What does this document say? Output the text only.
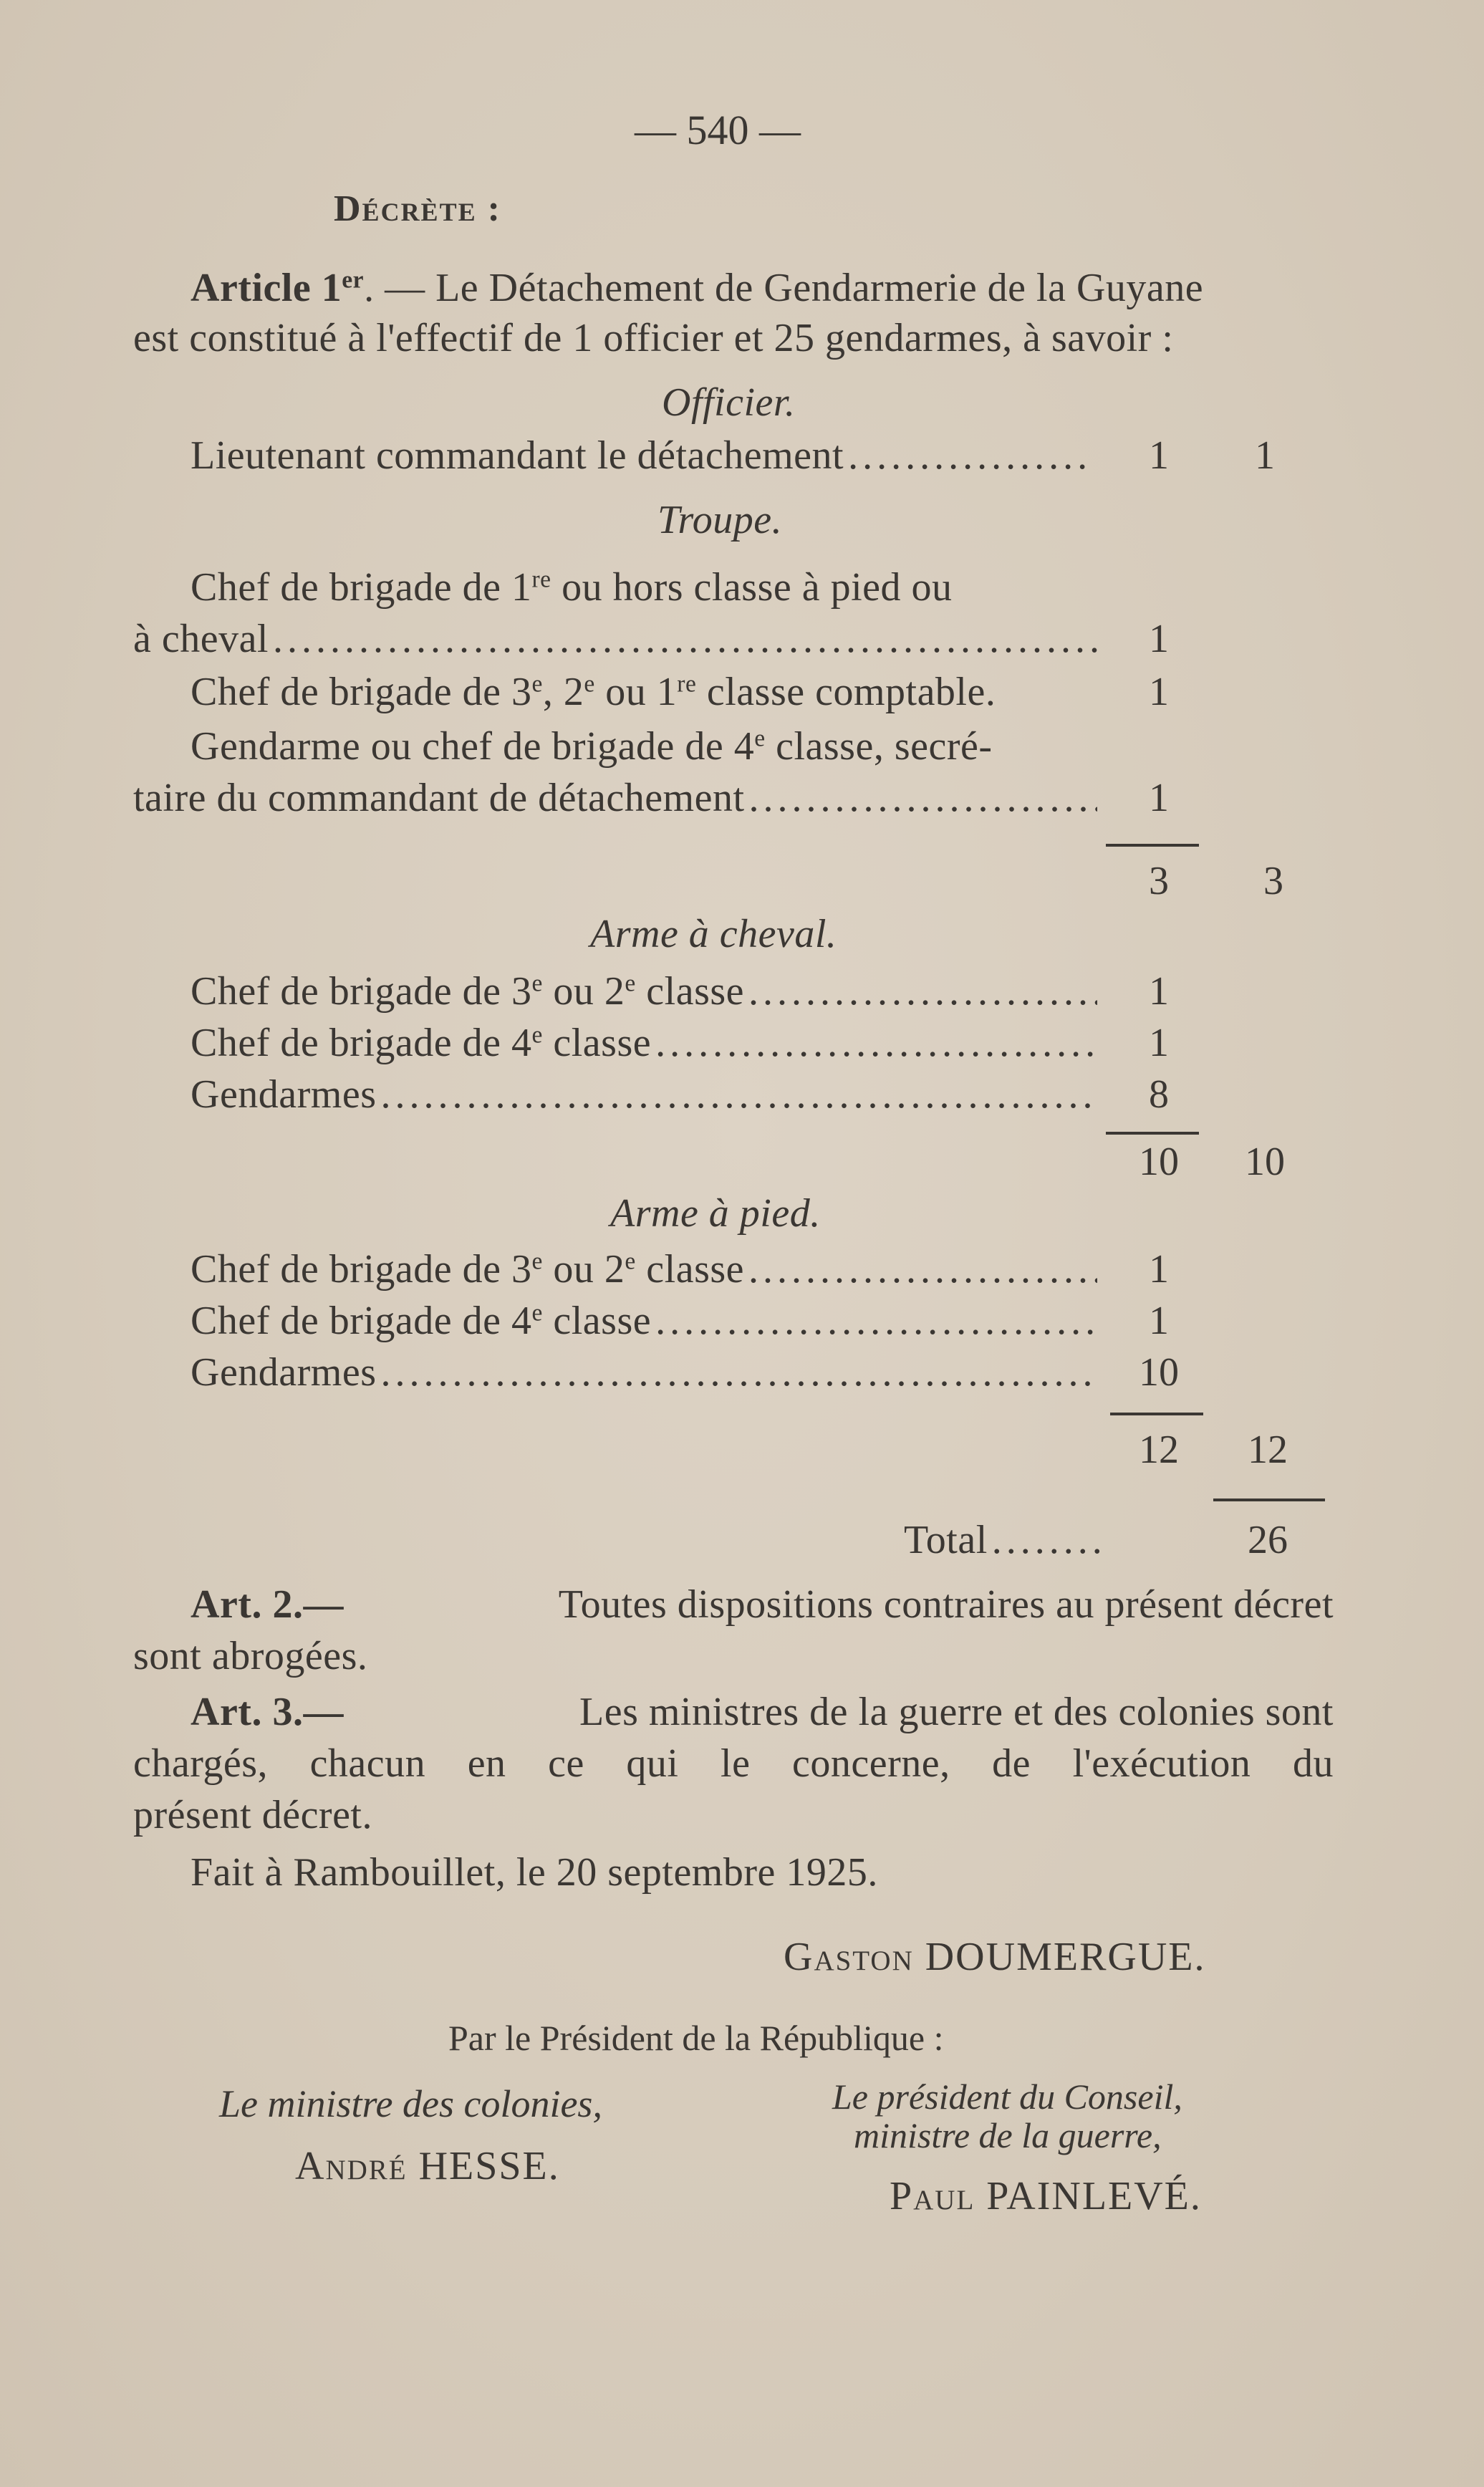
— 540 —
Décrète :
Article 1er. — Le Détachement de Gendarmerie de la Guyane
est constitué à l'effectif de 1 officier et 25 gendarmes, à savoir :
Officier.
Lieutenant commandant le détachement .....	1	1
Troupe.
Chef de brigade de 1re ou hors classe à pied ou
à cheval .....	1
Chef de brigade de 3e, 2e ou 1re classe comptable.	1
Gendarme ou chef de brigade de 4e classe, secré-
taire du commandant de détachement .....	1
3	3
Arme à cheval.
Chef de brigade de 3e ou 2e classe .....	1
Chef de brigade de 4e classe .....	1
Gendarmes .....	8
10 10
Arme à pied.
Chef de brigade de 3e ou 2e classe .....	1
Chef de brigade de 4e classe .....	1
Gendarmes .....	10
12 12
Total .....	26
Art. 2.—	Toutes dispositions contraires au présent décret
sont abrogées.
Art. 3.—	Les ministres de la guerre et des colonies sont
chargés, chacun en ce qui le concerne, de l'exécution du
présent décret.
Fait à Rambouillet, le 20 septembre 1925.
Gaston DOUMERGUE.
Par le Président de la République :
Le ministre des colonies,
André HESSE.
Le président du Conseil,
ministre de la guerre,
Paul PAINLEVÉ.
